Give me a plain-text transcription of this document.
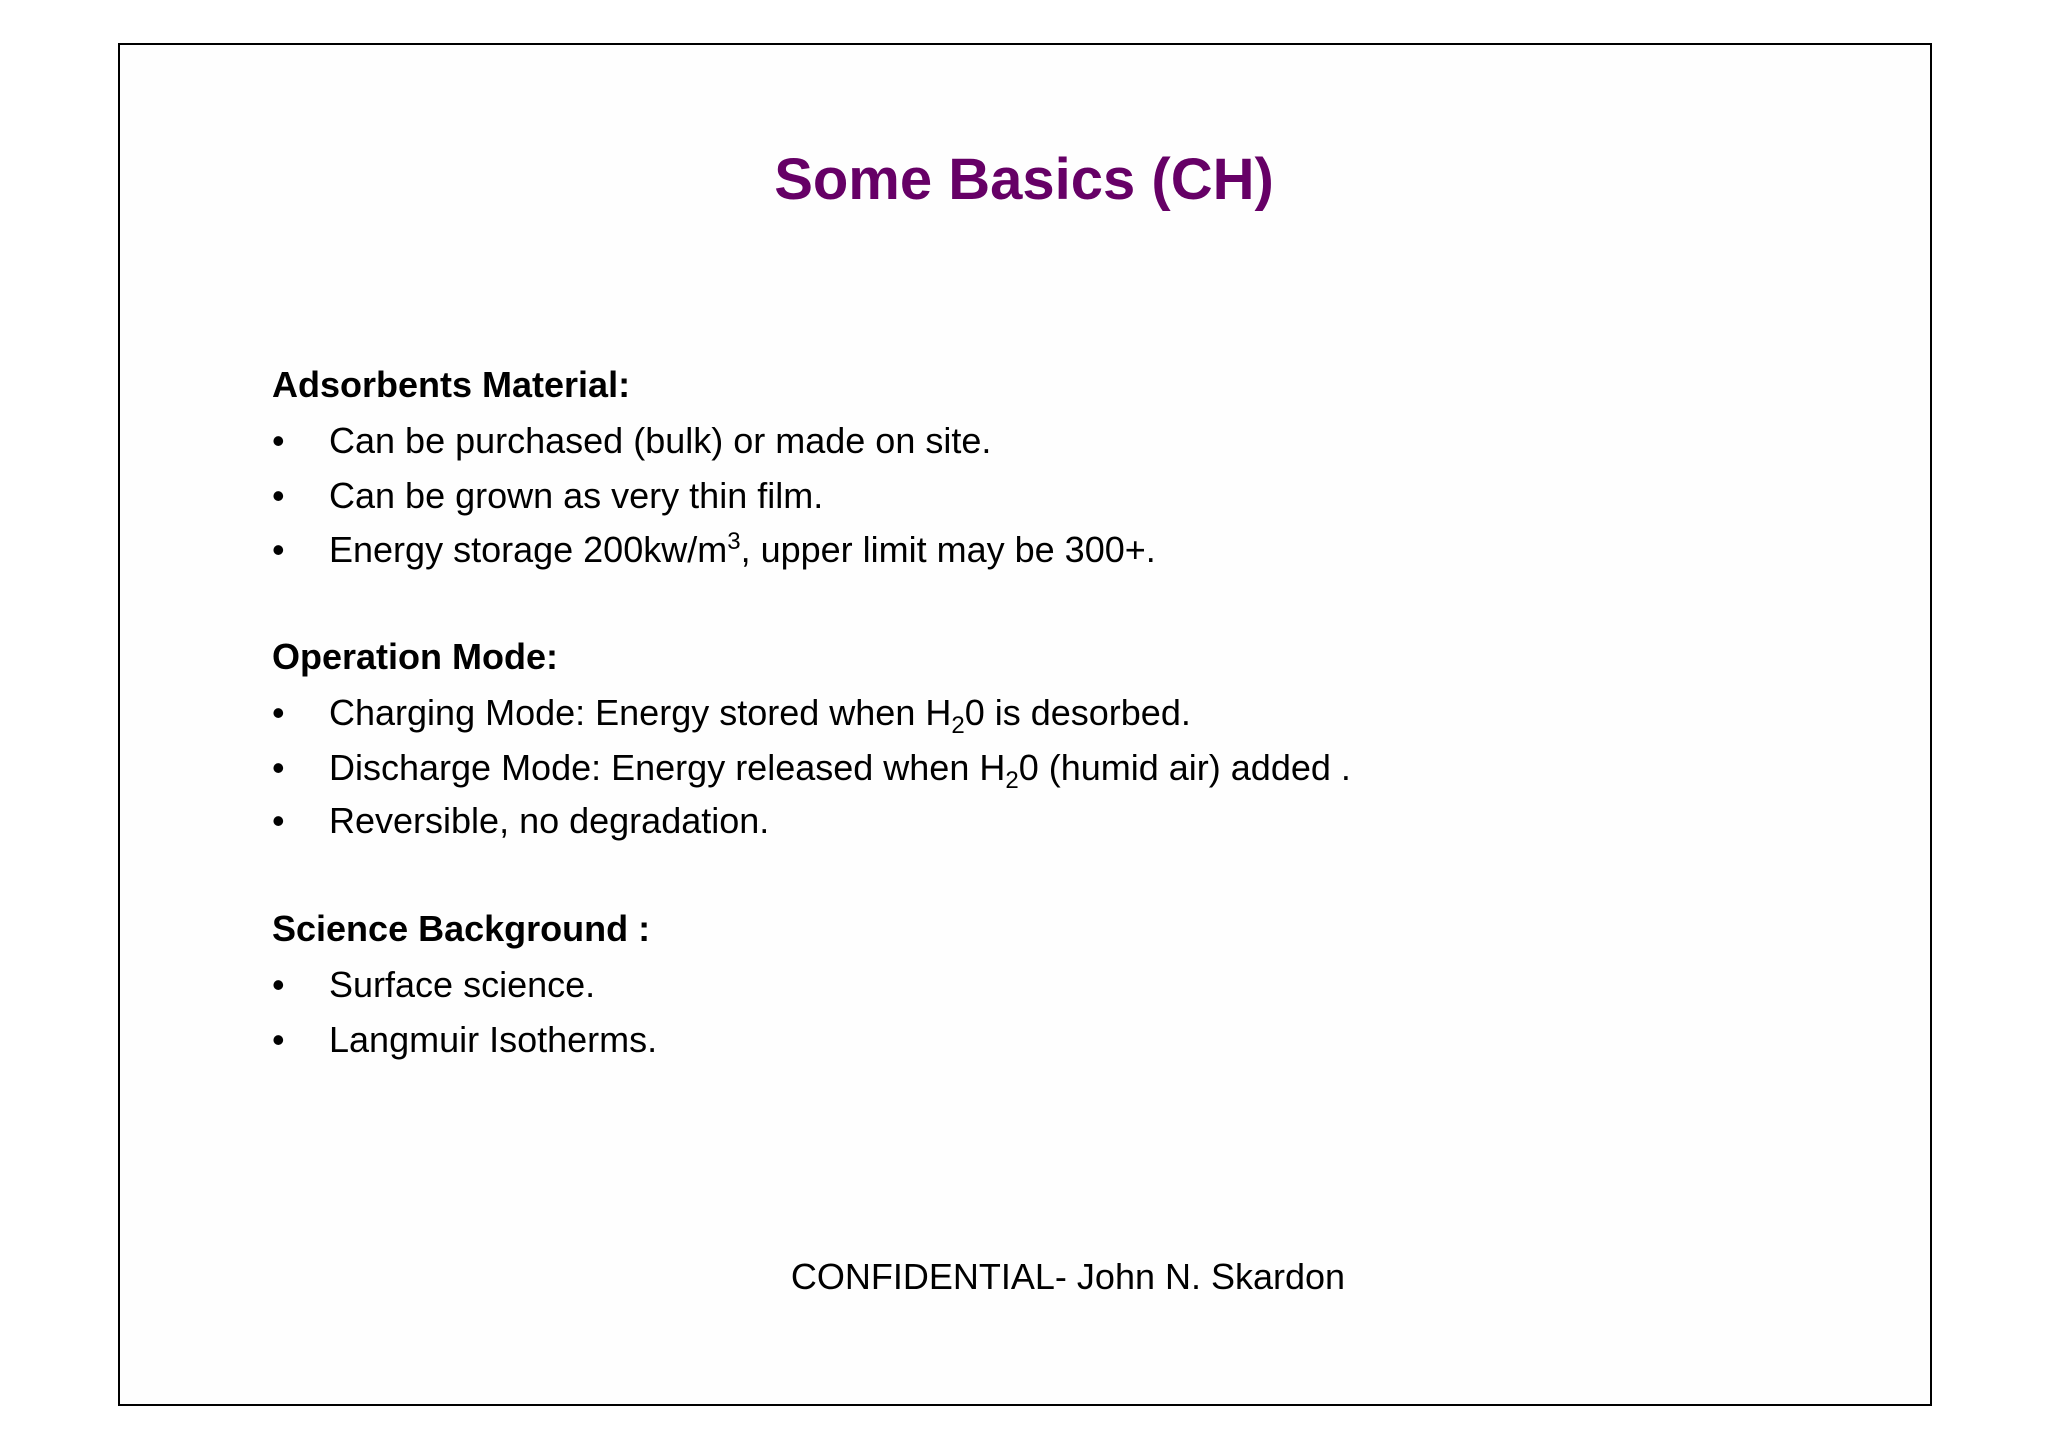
Some Basics (CH)
Adsorbents Material:
• Can be purchased (bulk) or made on site.
• Can be grown as very thin film.
• Energy storage $200kw/m^3$, upper limit may be 300+.
Operation Mode:
• Charging Mode: Energy stored when $H_20$ is desorbed.
• Discharge Mode: Energy released when $H_20$ (humid air) added .
• Reversible, no degradation.
Science Background :
• Surface science.
• Langmuir Isotherms.
CONFIDENTIAL- John N. Skardon
